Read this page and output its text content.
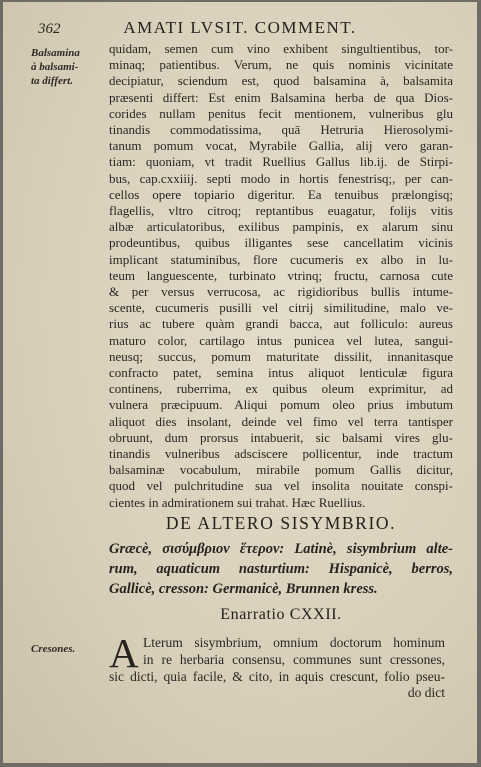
362	AMATI LVSIT. COMMENT.
Balsamina
à balsami-
ta differt.
quidam, semen cum vino exhibent singultientibus, tor-
minaq; patientibus. Verum, ne quis nominis vicinitate
decipiatur, sciendum est, quod balsamina à, balsamita
præsenti differt: Est enim Balsamina herba de qua Dios-
corides nullam penitus fecit mentionem, vulneribus glu
tinandis commodatissima, quā Hetruria Hierosolymi-
tanum pomum vocat, Myrabile Gallia, alij vero garan-
tiam: quoniam, vt tradit Ruellius Gallus lib.ij. de Stirpi-
bus, cap.cxxiiij. septi modo in hortis fenestrisq;, per can-
cellos opere topiario digeritur. Ea tenuibus prælongisq;
flagellis, vltro citroq; reptantibus euagatur, folijs vitis
albæ articulatoribus, exilibus pampinis, ex alarum sinu
prodeuntibus, quibus illigantes sese cancellatim vicinis
implicant statuminibus, flore cucumeris ex albo in lu-
teum languescente, turbinato vtrinq; fructu, carnosa cute
& per versus verrucosa, ac rigidioribus bullis intume-
scente, cucumeris pusilli vel citrij similitudine, malo ve-
rius ac tubere quàm grandi bacca, aut folliculo: aureus
maturo color, cartilago intus punicea vel lutea, sangui-
neusq; succus, pomum maturitate dissilit, innanitasque
confracto patet, semina intus aliquot lenticulæ figura
continens, ruberrima, ex quibus oleum exprimitur, ad
vulnera præcipuum. Aliqui pomum oleo prius imbutum
aliquot dies insolant, deinde vel fimo vel terra tantisper
obruunt, dum prorsus intabuerit, sic balsami vires glu-
tinandis vulneribus adsciscere pollicentur, inde tractum
balsaminæ vocabulum, mirabile pomum Gallis dicitur,
quod vel pulchritudine sua vel insolita nouitate conspi-
cientes in admirationem sui trahat. Hæc Ruellius.
DE ALTERO SISYMBRIO.
Græcè, σισύμβριον ἕτερον: Latinè, sisymbrium alte-
rum, aquaticum nasturtium: Hispanicè, berros,
Gallicè, cresson: Germanicè, Brunnen kress.
Enarratio CXXII.
Cresones. A Lterum sisymbrium, omnium doctorum hominum
in re herbaria consensu, communes sunt cressones,
sic dicti, quia facile, & cito, in aquis crescunt, folio pseu-
do dict
